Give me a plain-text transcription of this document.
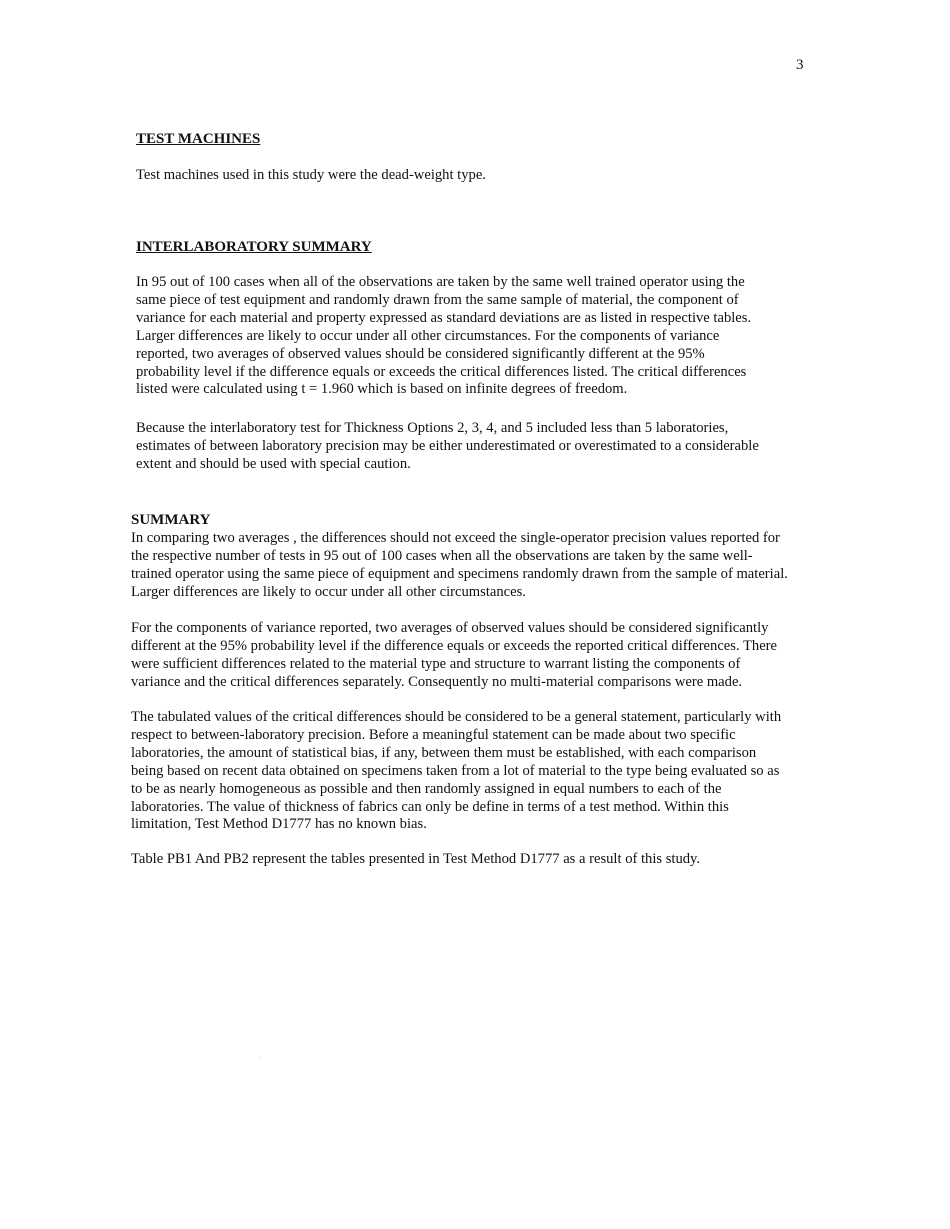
3
TEST MACHINES

Test machines used in this study were the dead-weight type.

INTERLABORATORY SUMMARY

In 95 out of 100 cases when all of the observations are taken by the same well trained operator using the
same piece of test equipment and randomly drawn from the same sample of material, the component of
variance for each material and property expressed as standard deviations are as listed in respective tables.
Larger differences are likely to occur under all other circumstances. For the components of variance
reported, two averages of observed values should be considered significantly different at the 95%
probability level if the difference equals or exceeds the critical differences listed. The critical differences
listed were calculated using t = 1.960 which is based on infinite degrees of freedom.

Because the interlaboratory test for Thickness Options 2, 3, 4, and 5 included less than 5 laboratories,
estimates of between laboratory precision may be either underestimated or overestimated to a considerable
extent and should be used with special caution.

SUMMARY

In comparing two averages , the differences should not exceed the single-operator precision values reported for
the respective number of tests in 95 out of 100 cases when all the observations are taken by the same well-
trained operator using the same piece of equipment and specimens randomly drawn from the sample of material.
Larger differences are likely to occur under all other circumstances.

For the components of variance reported, two averages of observed values should be considered significantly
different at the 95% probability level if the difference equals or exceeds the reported critical differences. There
were sufficient differences related to the material type and structure to warrant listing the components of
variance and the critical differences separately. Consequently no multi-material comparisons were made.

The tabulated values of the critical differences should be considered to be a general statement, particularly with
respect to between-laboratory precision. Before a meaningful statement can be made about two specific
laboratories, the amount of statistical bias, if any, between them must be established, with each comparison
being based on recent data obtained on specimens taken from a lot of material to the type being evaluated so as
to be as nearly homogeneous as possible and then randomly assigned in equal numbers to each of the
laboratories. The value of thickness of fabrics can only be define in terms of a test method. Within this
limitation, Test Method D1777 has no known bias.

Table PB1 And PB2 represent the tables presented in Test Method D1777 as a result of this study.
